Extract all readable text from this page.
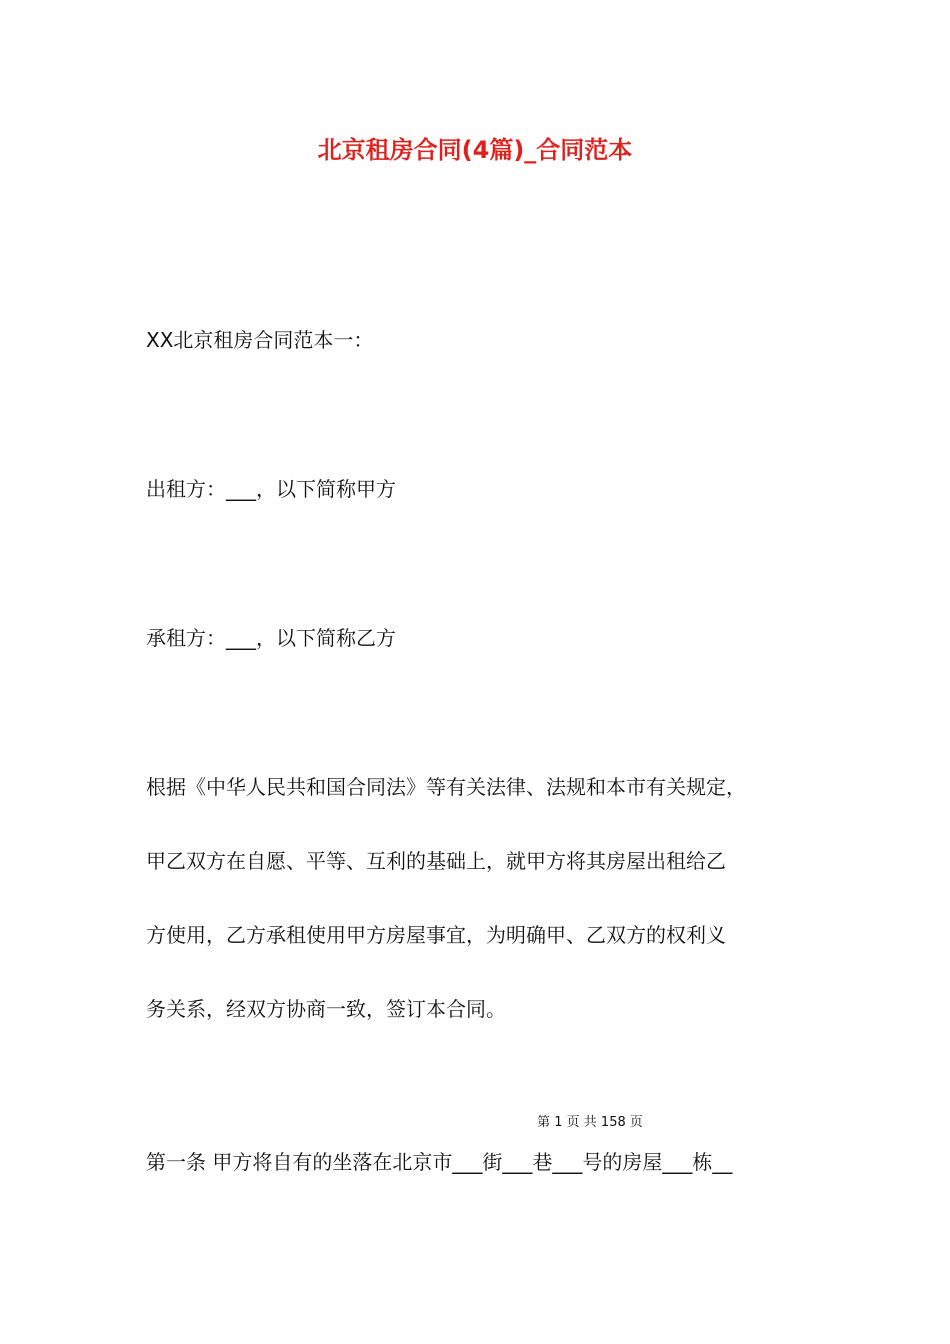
北京租房合同(4篇)_合同范本
XX北京租房合同范本一：
出租方：___，以下简称甲方
承租方：___，以下简称乙方
根据《中华人民共和国合同法》等有关法律、法规和本市有关规定，
甲乙双方在自愿、平等、互利的基础上，就甲方将其房屋出租给乙
方使用，乙方承租使用甲方房屋事宜，为明确甲、乙双方的权利义
务关系，经双方协商一致，签订本合同。
第 1 页 共 158 页
第一条 甲方将自有的坐落在北京市___街___巷___号的房屋___栋__
